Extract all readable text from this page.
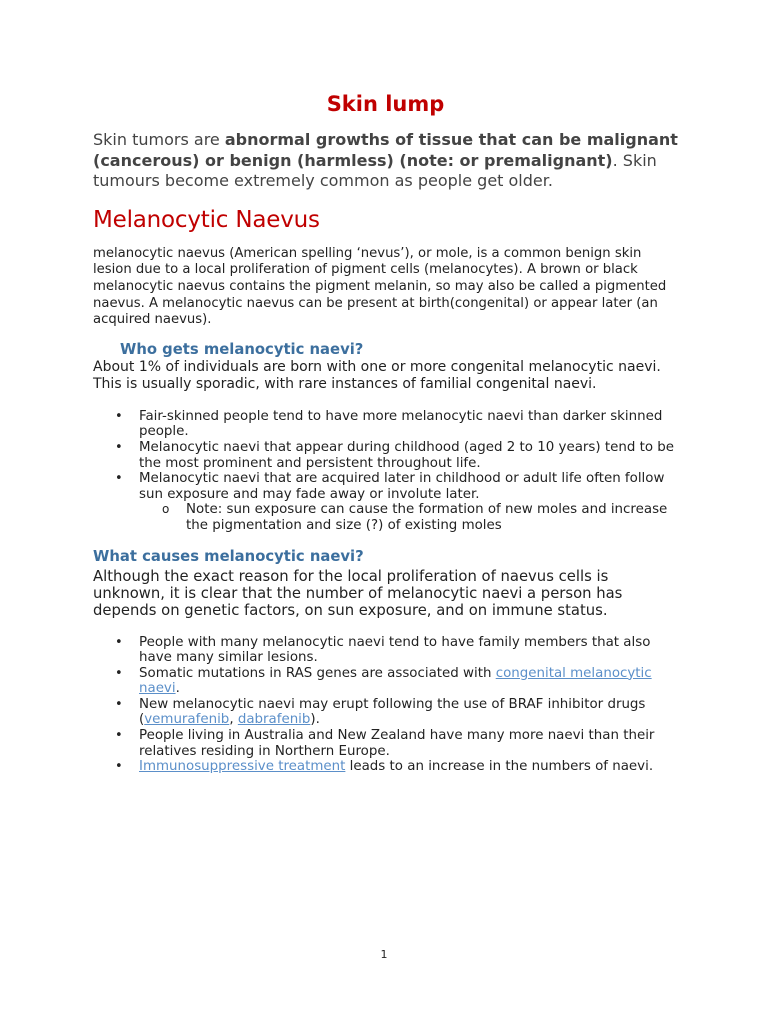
Skin lump

Skin tumors are abnormal growths of tissue that can be malignant (cancerous) or benign (harmless) (note: or premalignant). Skin tumours become extremely common as people get older.

Melanocytic Naevus

melanocytic naevus (American spelling ‘nevus’), or mole, is a common benign skin lesion due to a local proliferation of pigment cells (melanocytes). A brown or black melanocytic naevus contains the pigment melanin, so may also be called a pigmented naevus. A melanocytic naevus can be present at birth(congenital) or appear later (an acquired naevus).

Who gets melanocytic naevi?

About 1% of individuals are born with one or more congenital melanocytic naevi. This is usually sporadic, with rare instances of familial congenital naevi.

• Fair-skinned people tend to have more melanocytic naevi than darker skinned people.
• Melanocytic naevi that appear during childhood (aged 2 to 10 years) tend to be the most prominent and persistent throughout life.
• Melanocytic naevi that are acquired later in childhood or adult life often follow sun exposure and may fade away or involute later.
o Note: sun exposure can cause the formation of new moles and increase the pigmentation and size (?) of existing moles
What causes melanocytic naevi?

Although the exact reason for the local proliferation of naevus cells is unknown, it is clear that the number of melanocytic naevi a person has depends on genetic factors, on sun exposure, and on immune status.

• People with many melanocytic naevi tend to have family members that also have many similar lesions.
• Somatic mutations in RAS genes are associated with congenital melanocytic naevi.
• New melanocytic naevi may erupt following the use of BRAF inhibitor drugs (vemurafenib, dabrafenib).
• People living in Australia and New Zealand have many more naevi than their relatives residing in Northern Europe.
• Immunosuppressive treatment leads to an increase in the numbers of naevi.
1
